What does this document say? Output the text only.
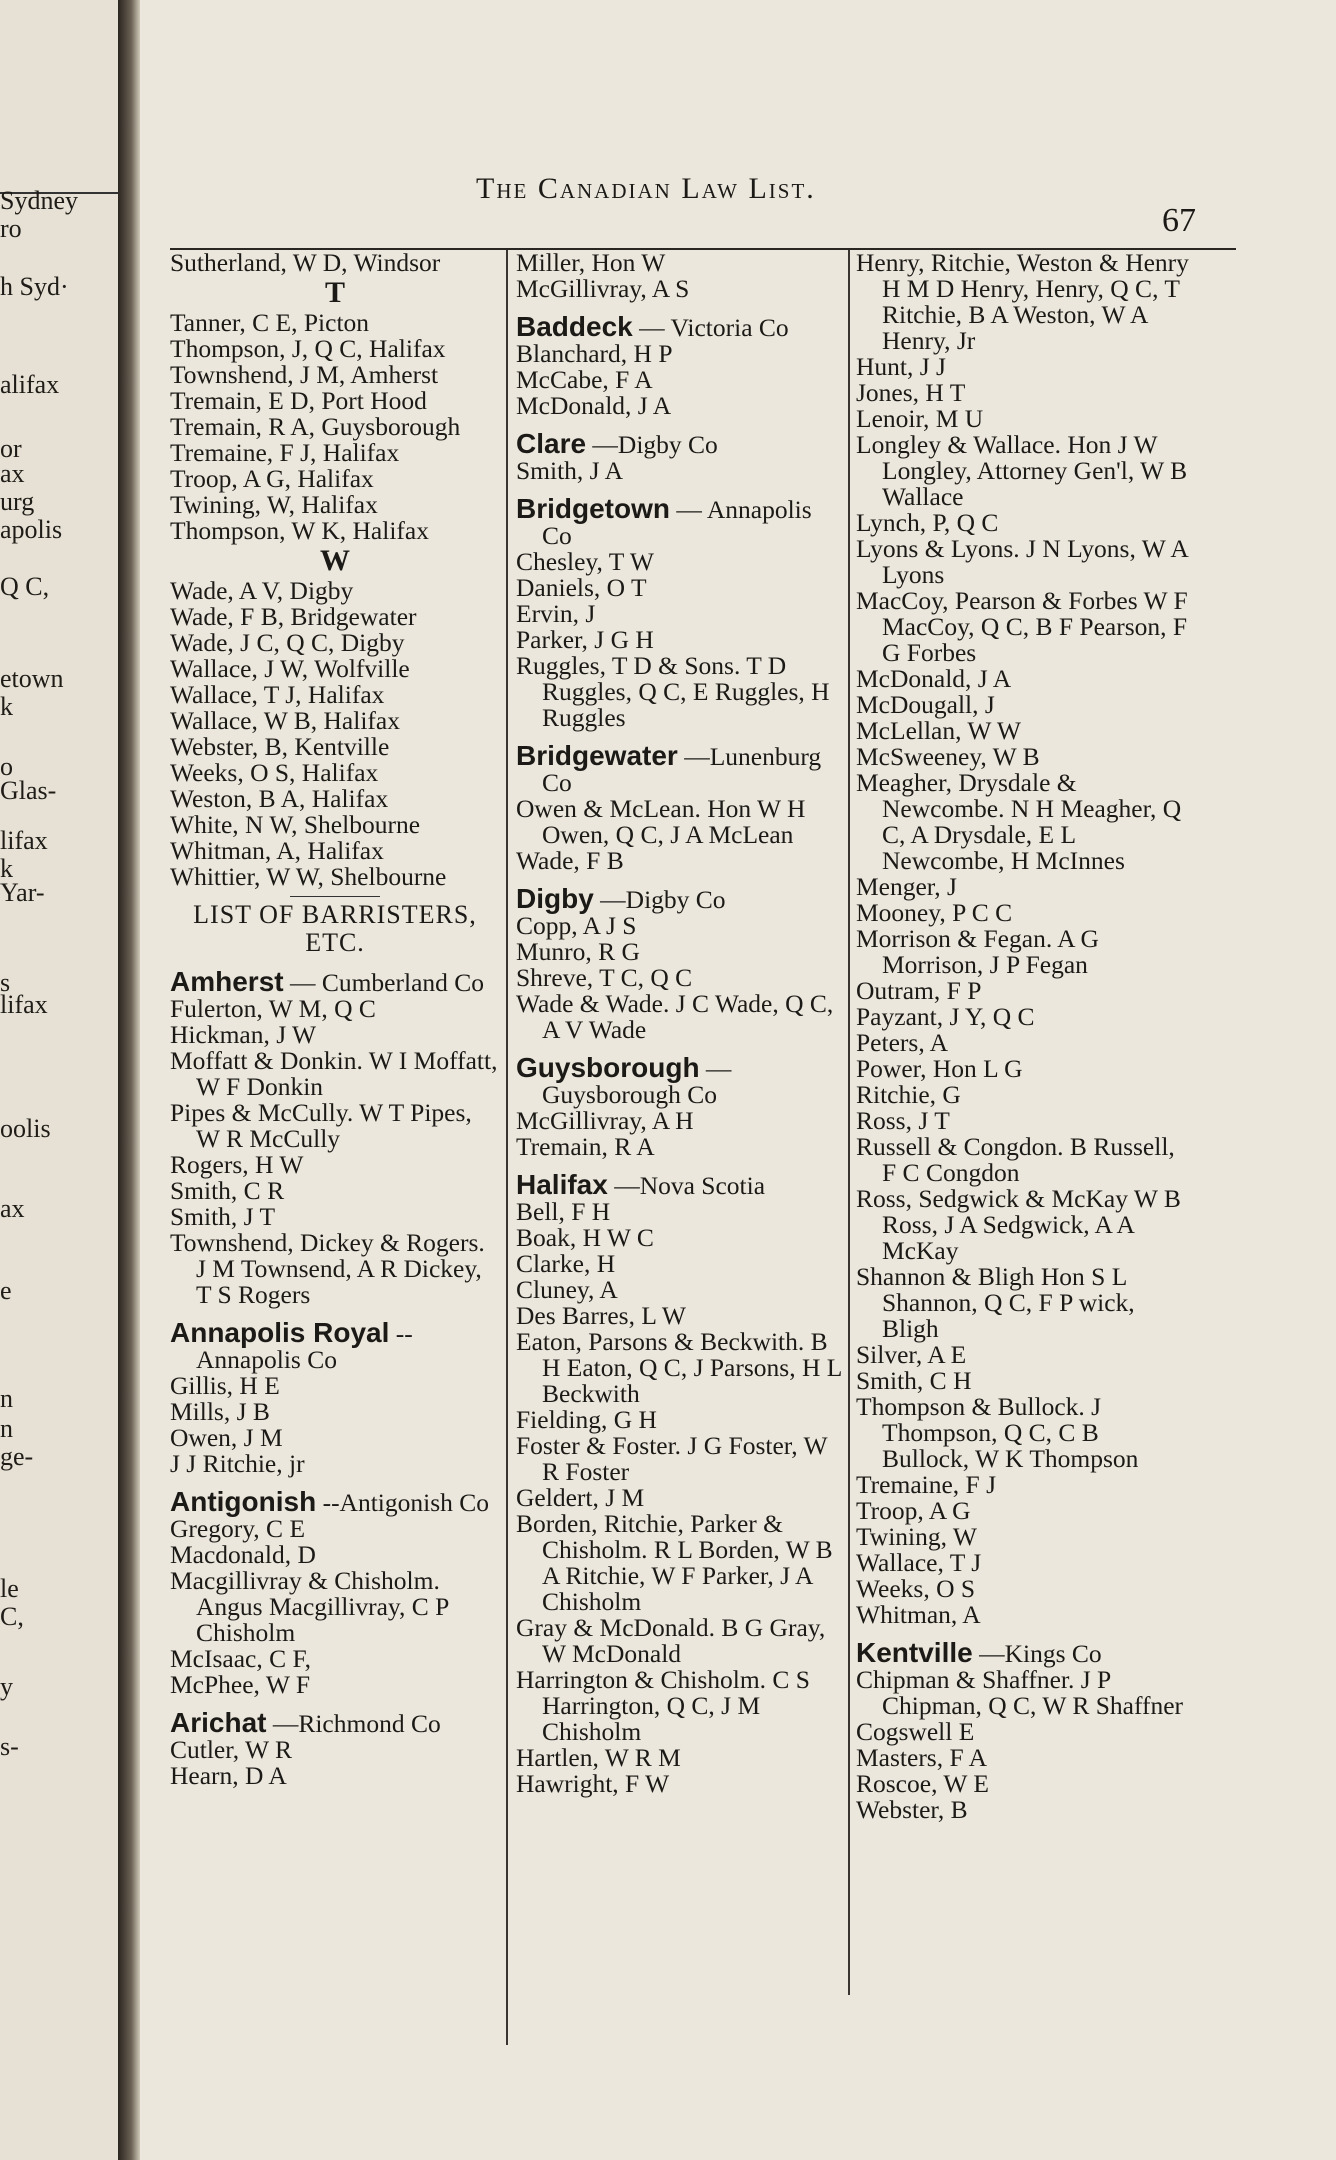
Sydney
ro
h Syd·
alifax
or
ax
urg
apolis
Q C,
etown
k
o
Glas-
lifax
k
Yar-
s
lifax
oolis
ax
e
n
n
ge-
le
C,
y
s-
The Canadian Law List.
67
Sutherland, W D, Windsor
T
Tanner, C E, Picton
Thompson, J, Q C, Halifax
Townshend, J M, Amherst
Tremain, E D, Port Hood
Tremain, R A, Guysborough
Tremaine, F J, Halifax
Troop, A G, Halifax
Twining, W, Halifax
Thompson, W K, Halifax
W
Wade, A V, Digby
Wade, F B, Bridgewater
Wade, J C, Q C, Digby
Wallace, J W, Wolfville
Wallace, T J, Halifax
Wallace, W B, Halifax
Webster, B, Kentville
Weeks, O S, Halifax
Weston, B A, Halifax
White, N W, Shelbourne
Whitman, A, Halifax
Whittier, W W, Shelbourne
LIST OF BARRISTERS, ETC.
Amherst — Cumberland Co
Fulerton, W M, Q C
Hickman, J W
Moffatt & Donkin. W I Moffatt, W F Donkin
Pipes & McCully. W T Pipes, W R McCully
Rogers, H W
Smith, C R
Smith, J T
Townshend, Dickey & Rogers. J M Townsend, A R Dickey, T S Rogers
Annapolis Royal --Annapolis Co
Gillis, H E
Mills, J B
Owen, J M
J J Ritchie, jr
Antigonish --Antigonish Co
Gregory, C E
Macdonald, D
Macgillivray & Chisholm. Angus Macgillivray, C P Chisholm
McIsaac, C F,
McPhee, W F
Arichat —Richmond Co
Cutler, W R
Hearn, D A
Miller, Hon W
McGillivray, A S
Baddeck — Victoria Co
Blanchard, H P
McCabe, F A
McDonald, J A
Clare —Digby Co
Smith, J A
Bridgetown — Annapolis Co
Chesley, T W
Daniels, O T
Ervin, J
Parker, J G H
Ruggles, T D & Sons. T D Ruggles, Q C, E Ruggles, H Ruggles
Bridgewater —Lunenburg Co
Owen & McLean. Hon W H Owen, Q C, J A McLean
Wade, F B
Digby —Digby Co
Copp, A J S
Munro, R G
Shreve, T C, Q C
Wade & Wade. J C Wade, Q C, A V Wade
Guysborough — Guysborough Co
McGillivray, A H
Tremain, R A
Halifax —Nova Scotia
Bell, F H
Boak, H W C
Clarke, H
Cluney, A
Des Barres, L W
Eaton, Parsons & Beckwith. B H Eaton, Q C, J Parsons, H L Beckwith
Fielding, G H
Foster & Foster. J G Foster, W R Foster
Geldert, J M
Borden, Ritchie, Parker & Chisholm. R L Borden, W B A Ritchie, W F Parker, J A Chisholm
Gray & McDonald. B G Gray, W McDonald
Harrington & Chisholm. C S Harrington, Q C, J M Chisholm
Hartlen, W R M
Hawright, F W
Henry, Ritchie, Weston & Henry H M D Henry, Henry, Q C, T Ritchie, B A Weston, W A Henry, Jr
Hunt, J J
Jones, H T
Lenoir, M U
Longley & Wallace. Hon J W Longley, Attorney Gen'l, W B Wallace
Lynch, P, Q C
Lyons & Lyons. J N Lyons, W A Lyons
MacCoy, Pearson & Forbes W F MacCoy, Q C, B F Pearson, F G Forbes
McDonald, J A
McDougall, J
McLellan, W W
McSweeney, W B
Meagher, Drysdale & Newcombe. N H Meagher, Q C, A Drysdale, E L Newcombe, H McInnes
Menger, J
Mooney, P C C
Morrison & Fegan. A G Morrison, J P Fegan
Outram, F P
Payzant, J Y, Q C
Peters, A
Power, Hon L G
Ritchie, G
Ross, J T
Russell & Congdon. B Russell, F C Congdon
Ross, Sedgwick & McKay W B Ross, J A Sedgwick, A A McKay
Shannon & Bligh Hon S L Shannon, Q C, F P wick, Bligh
Silver, A E
Smith, C H
Thompson & Bullock. J Thompson, Q C, C B Bullock, W K Thompson
Tremaine, F J
Troop, A G
Twining, W
Wallace, T J
Weeks, O S
Whitman, A
Kentville —Kings Co
Chipman & Shaffner. J P Chipman, Q C, W R Shaffner
Cogswell E
Masters, F A
Roscoe, W E
Webster, B
